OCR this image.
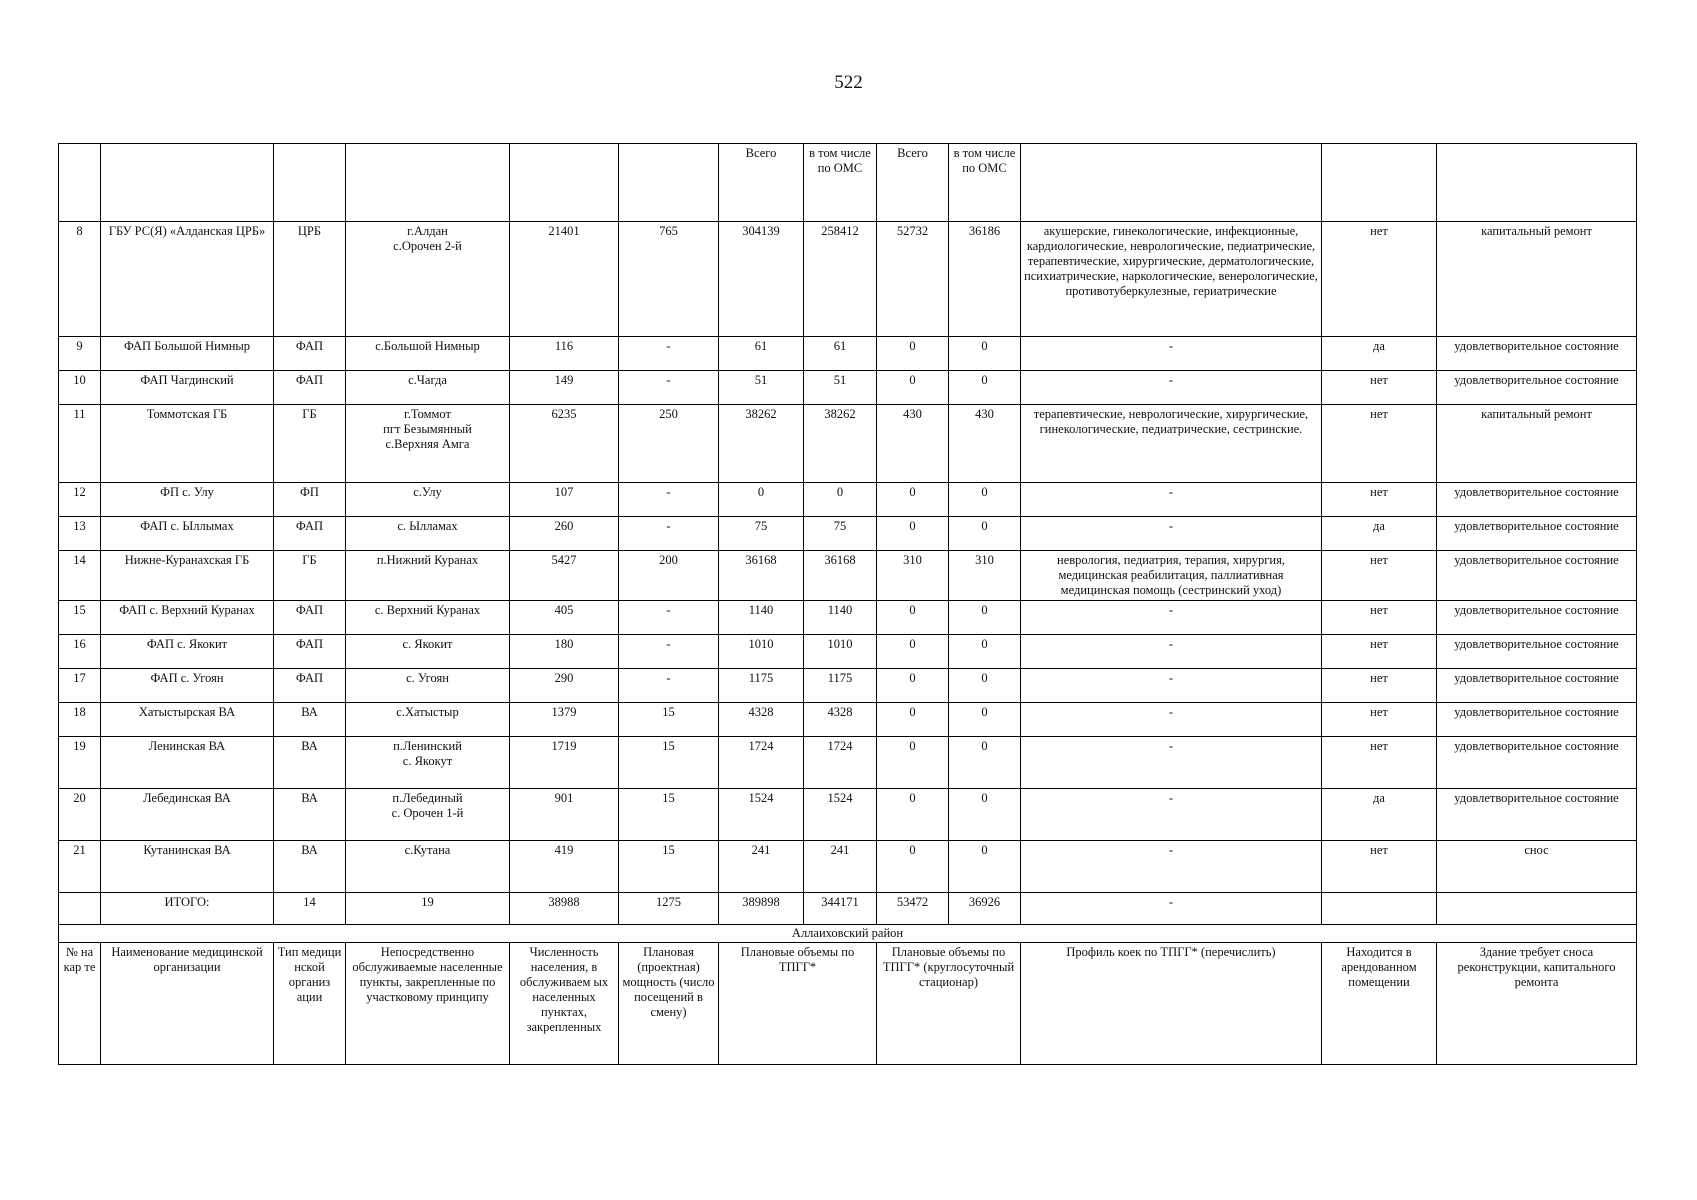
522
						Всего	в том числе по ОМС	Всего	в том числе по ОМС			
8	ГБУ РС(Я) «Алданская ЦРБ»	ЦРБ	г.Алдан
с.Орочен 2-й	21401	765	304139	258412	52732	36186	акушерские, гинекологические, инфекционные, кардиологические, неврологические, педиатрические, терапевтические, хирургические, дерматологические, психиатрические, наркологические, венерологические, противотуберкулезные, гериатрические	нет	капитальный ремонт
9	ФАП Большой Нимныр	ФАП	с.Большой Нимныр	116	-	61	61	0	0	-	да	удовлетворительное состояние
10	ФАП Чагдинский	ФАП	с.Чагда	149	-	51	51	0	0	-	нет	удовлетворительное состояние
11	Томмотская ГБ	ГБ	г.Томмот
пгт Безымянный
с.Верхняя Амга	6235	250	38262	38262	430	430	терапевтические, неврологические, хирургические, гинекологические, педиатрические, сестринские.	нет	капитальный ремонт
12	ФП с. Улу	ФП	с.Улу	107	-	0	0	0	0	-	нет	удовлетворительное состояние
13	ФАП с. Ыллымах	ФАП	с. Ылламах	260	-	75	75	0	0	-	да	удовлетворительное состояние
14	Нижне-Куранахская ГБ	ГБ	п.Нижний Куранах	5427	200	36168	36168	310	310	неврология, педиатрия, терапия, хирургия, медицинская реабилитация, паллиативная медицинская помощь (сестринский уход)	нет	удовлетворительное состояние
15	ФАП с. Верхний Куранах	ФАП	с. Верхний Куранах	405	-	1140	1140	0	0	-	нет	удовлетворительное состояние
16	ФАП с. Якокит	ФАП	с. Якокит	180	-	1010	1010	0	0	-	нет	удовлетворительное состояние
17	ФАП с. Угоян	ФАП	с. Угоян	290	-	1175	1175	0	0	-	нет	удовлетворительное состояние
18	Хатыстырская ВА	ВА	с.Хатыстыр	1379	15	4328	4328	0	0	-	нет	удовлетворительное состояние
19	Ленинская ВА	ВА	п.Ленинский
с. Якокут	1719	15	1724	1724	0	0	-	нет	удовлетворительное состояние
20	Лебединская ВА	ВА	п.Лебединый
с. Орочен 1-й	901	15	1524	1524	0	0	-	да	удовлетворительное состояние
21	Кутанинская ВА	ВА	с.Кутана	419	15	241	241	0	0	-	нет	снос
	ИТОГО:	14	19	38988	1275	389898	344171	53472	36926	-		
Аллаиховский район												
№ на кар те	Наименование медицинской организации	Тип медици нской организ ации	Непосредственно обслуживаемые населенные пункты, закрепленные по участковому принципу	Численность населения, в обслуживаем ых населенных пунктах, закрепленных	Плановая (проектная) мощность (число посещений в смену)	Плановые объемы по ТПГГ*		Плановые объемы по ТПГГ* (круглосуточный стационар)		Профиль коек по ТПГГ* (перечислить)	Находится в арендованном помещении	Здание требует сноса реконструкции, капитального ремонта
